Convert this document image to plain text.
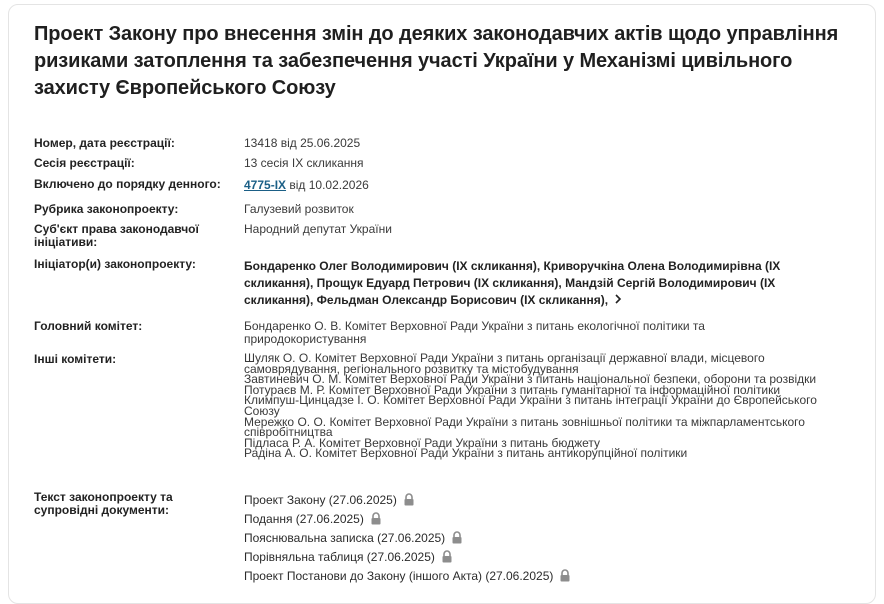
Проект Закону про внесення змін до деяких законодавчих актів щодо управління ризиками затоплення та забезпечення участі України у Механізмі цивільного захисту Європейського Союзу
Номер, дата реєстрації:	13418 від 25.06.2025
Сесія реєстрації:	13 сесія IX скликання
Включено до порядку денного: 4775-IX від 10.02.2026
Рубрика законопроекту:	Галузевий розвиток
Суб'єкт права законодавчої ініціативи:
Народний депутат України
Ініціатор(и) законопроекту:	Бондаренко Олег Володимирович (IX скликання), Криворучкіна Олена Володимирівна (IX скликання), Прощук Едуард Петрович (IX скликання), Мандзій Сергій Володимирович (IX скликання), Фельдман Олександр Борисович (IX скликання),
Головний комітет:	Бондаренко О. В. Комітет Верховної Ради України з питань екологічної політики та природокористування
Інші комітети:	Шуляк О. О. Комітет Верховної Ради України з питань організації державної влади, місцевого самоврядування, регіонального розвитку та містобудування
Завтиневич О. М. Комітет Верховної Ради України з питань національної безпеки, оборони та розвідки
Потураєв М. Р. Комітет Верховної Ради України з питань гуманітарної та інформаційної політики
Климпуш-Цинцадзе І. О. Комітет Верховної Ради України з питань інтеграції України до Європейського Союзу
Мережко О. О. Комітет Верховної Ради України з питань зовнішньої політики та міжпарламентського співробітництва
Підласа Р. А. Комітет Верховної Ради України з питань бюджету
Радіна А. О. Комітет Верховної Ради України з питань антикорупційної політики
Текст законопроекту та супровідні документи:
Проект Закону (27.06.2025)
Подання (27.06.2025)
Пояснювальна записка (27.06.2025)
Порівняльна таблиця (27.06.2025)
Проект Постанови до Закону (іншого Акта) (27.06.2025)
